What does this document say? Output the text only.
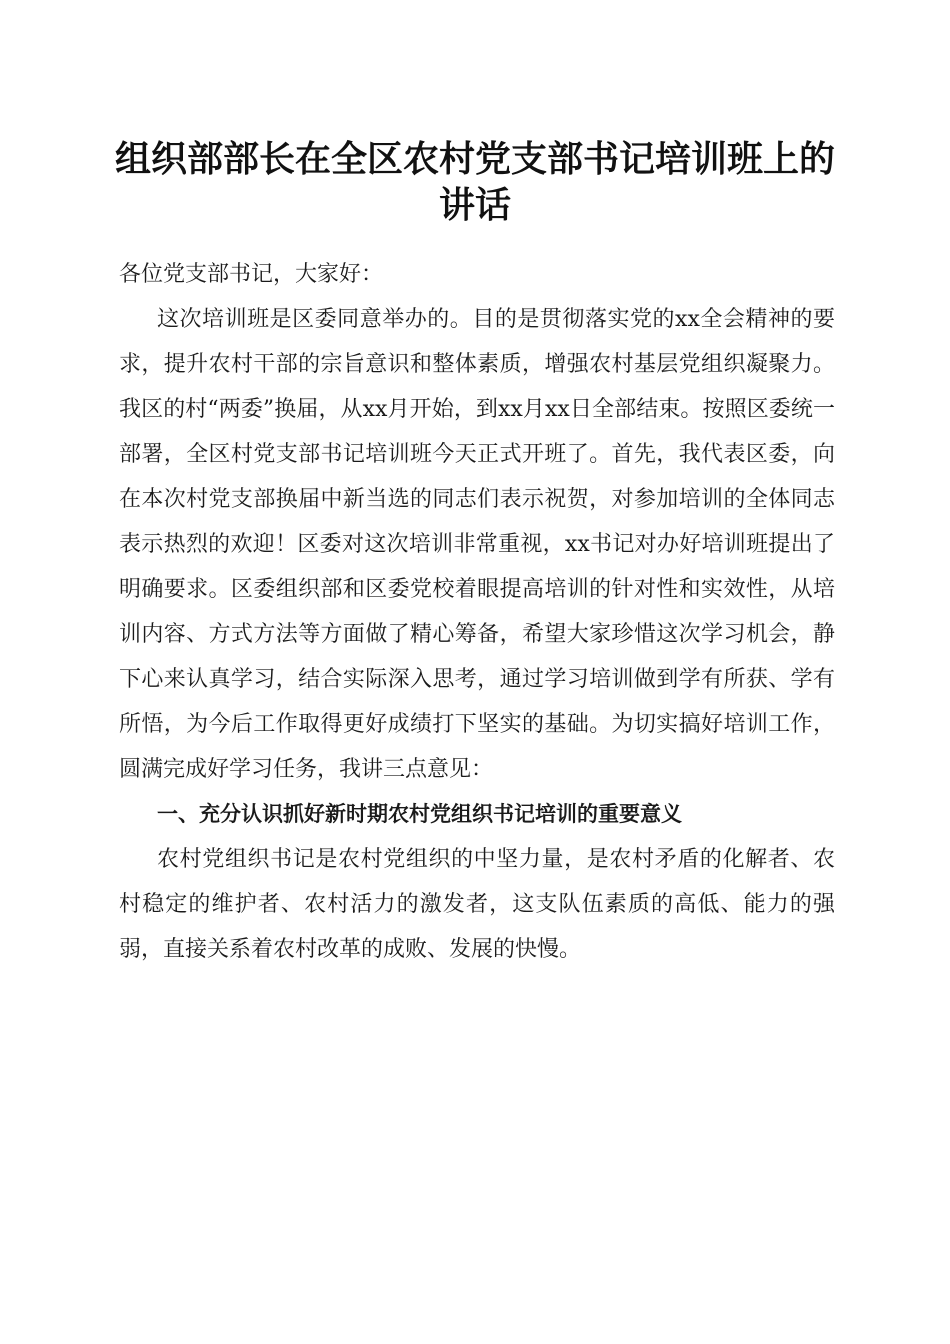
组织部部长在全区农村党支部书记培训班上的讲话

各位党支部书记，大家好：

这次培训班是区委同意举办的。目的是贯彻落实党的xx全会精神的要求，提升农村干部的宗旨意识和整体素质，增强农村基层党组织凝聚力。我区的村“两委”换届，从xx月开始，到xx月xx日全部结束。按照区委统一部署，全区村党支部书记培训班今天正式开班了。首先，我代表区委，向在本次村党支部换届中新当选的同志们表示祝贺，对参加培训的全体同志表示热烈的欢迎！区委对这次培训非常重视，xx书记对办好培训班提出了明确要求。区委组织部和区委党校着眼提高培训的针对性和实效性，从培训内容、方式方法等方面做了精心筹备，希望大家珍惜这次学习机会，静下心来认真学习，结合实际深入思考，通过学习培训做到学有所获、学有所悟，为今后工作取得更好成绩打下坚实的基础。为切实搞好培训工作，圆满完成好学习任务，我讲三点意见：

一、充分认识抓好新时期农村党组织书记培训的重要意义

农村党组织书记是农村党组织的中坚力量，是农村矛盾的化解者、农村稳定的维护者、农村活力的激发者，这支队伍素质的高低、能力的强弱，直接关系着农村改革的成败、发展的快慢。
